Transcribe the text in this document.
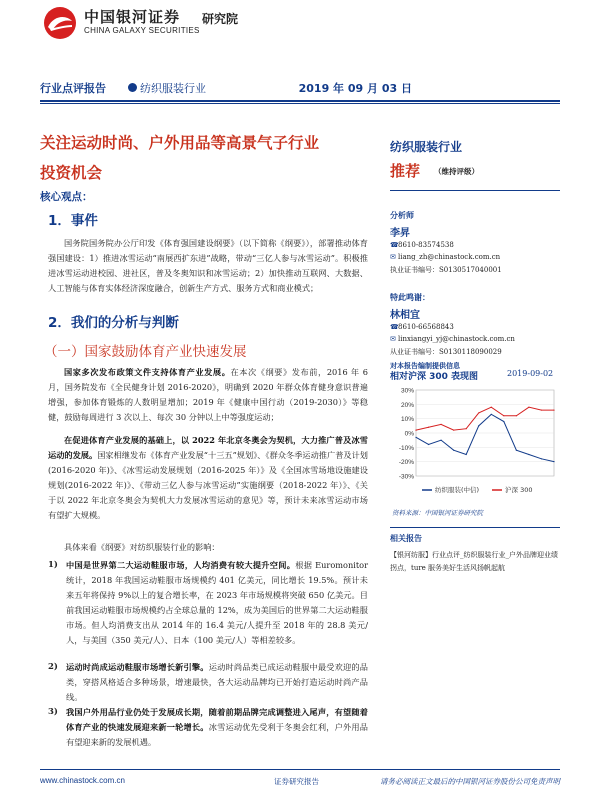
中国银河证券
CHINA GALAXY SECURITIES
研究院
行业点评报告	纺织服装行业	2019 年 09 月 03 日
关注运动时尚、户外用品等高景气子行业
投资机会
核心观点：
1．事件
国务院国务院办公厅印发《体育强国建设纲要》（以下简称《纲要》），部署推动体育强国建设：1）推进冰雪运动“南展西扩东进”战略，带动“三亿人参与冰雪运动”。积极推进冰雪运动进校园、进社区，普及冬奥知识和冰雪运动；2）加快推动互联网、大数据、人工智能与体育实体经济深度融合，创新生产方式、服务方式和商业模式；
2．我们的分析与判断
（一）国家鼓励体育产业快速发展
国家多次发布政策文件支持体育产业发展。在本次《纲要》发布前，2016 年 6 月，国务院发布《全民健身计划 2016-2020》，明确到 2020 年群众体育健身意识普遍增强，参加体育锻炼的人数明显增加；2019 年《健康中国行动（2019-2030）》等稳健，鼓励每周进行 3 次以上、每次 30 分钟以上中等强度运动；
在促进体育产业发展的基础上，以 2022 年北京冬奥会为契机，大力推广普及冰雪运动的发展。国家相继发布《体育产业发展“十三五”规划》、《群众冬季运动推广普及计划(2016-2020 年)》、《冰雪运动发展规划（2016-2025 年）》及《全国冰雪场地设施建设规划(2016-2022 年)》、《带动三亿人参与冰雪运动”实施纲要（2018-2022 年）》、《关于以 2022 年北京冬奥会为契机大力发展冰雪运动的意见》等，预计未来冰雪运动市场有望扩大规模。
具体来看《纲要》对纺织服装行业的影响：
1) 中国是世界第二大运动鞋服市场，人均消费有较大提升空间。根据 Euromonitor 统计，2018 年我国运动鞋服市场规模约 401 亿美元，同比增长 19.5%。预计未来五年将保持 9%以上的复合增长率，在 2023 年市场规模将突破 650 亿美元。目前我国运动鞋服市场规模约占全球总量的 12%，成为美国后的世界第二大运动鞋服市场。但人均消费支出从 2014 年的 16.4 美元/人提升至 2018 年的 28.8 美元/人，与美国（350 美元/人）、日本（100 美元/人）等相差较多。
2) 运动时尚成运动鞋服市场增长新引擎。运动时尚品类已成运动鞋服中最受欢迎的品类，穿搭风格适合多种场景，增速最快，各大运动品牌均已开始打造运动时尚产品线。
3) 我国户外用品行业仍处于发展成长期，随着前期品牌完成调整进入尾声，有望随着体育产业的快速发展迎来新一轮增长。冰雪运动优先受利于冬奥会红利，户外用品有望迎来新的发展机遇。
纺织服装行业
推荐 （维持评级）
分析师
李昇
☎8610-83574538
✉ liang_zh@chinastock.com.cn
执业证书编号：S0130517040001
特此鸣谢：
林相宜
☎8610-66568843
✉ linxiangyi_yj@chinastock.com.cn
从业证书编号：S0130118090029
对本报告编制提供信息
相对沪深 300 表现图	2019-09-02
30%
20%
10%
0%
-10%
-20%
-30%
纺织服装(中信)	沪深 300
资料来源：中国银河证券研究院
相关报告
【银河纺服】行业点评_纺织服装行业_户外品牌迎业绩拐点，ture 服务美好生活风扬帆起航
www.chinastock.com.cn	证券研究报告	请务必阅读正文最后的中国银河证券股份公司免责声明
